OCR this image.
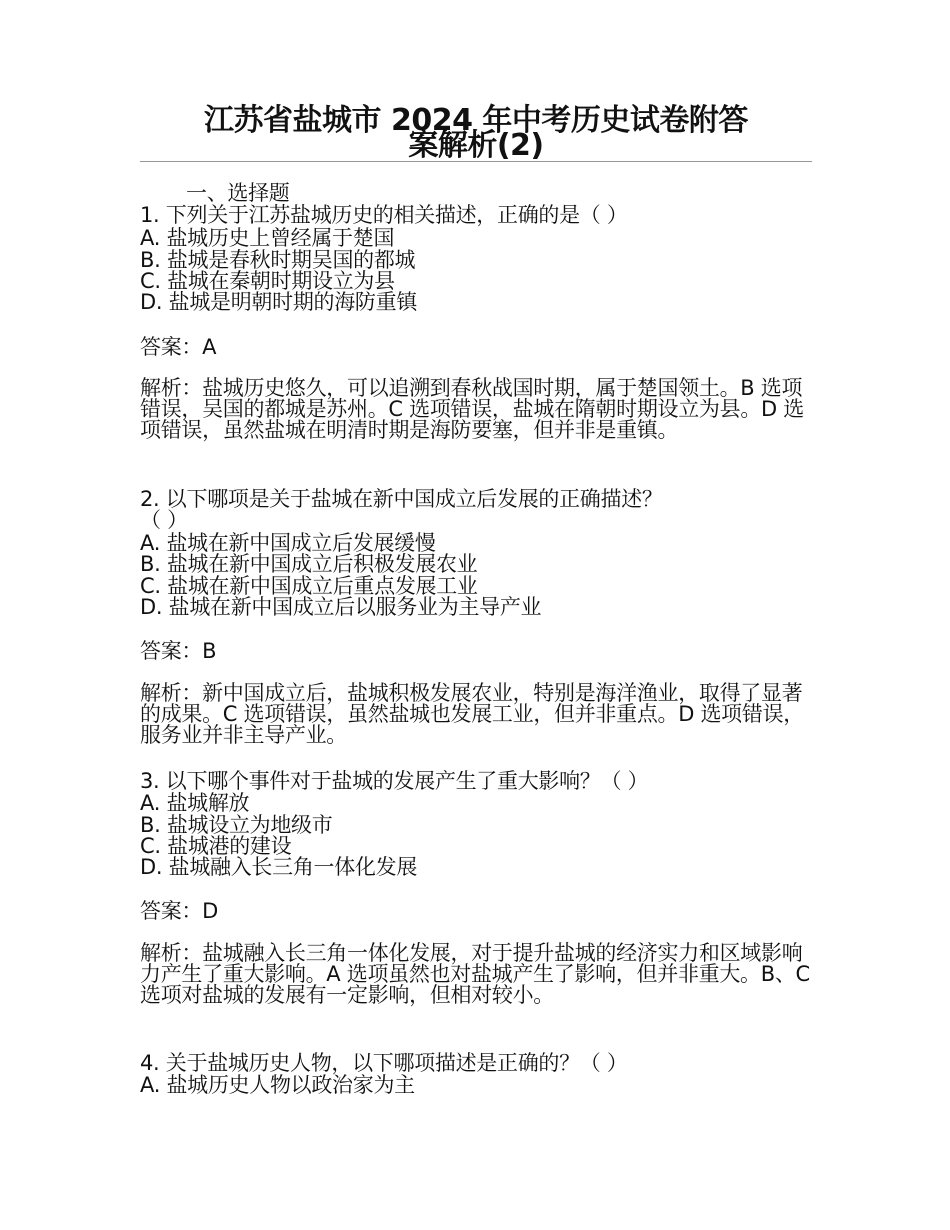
江苏省盐城市 2024 年中考历史试卷附答
案解析(2)
一、选择题
1. 下列关于江苏盐城历史的相关描述，正确的是（ ）
A. 盐城历史上曾经属于楚国
B. 盐城是春秋时期吴国的都城
C. 盐城在秦朝时期设立为县
D. 盐城是明朝时期的海防重镇
答案：A
解析：盐城历史悠久，可以追溯到春秋战国时期，属于楚国领土。B 选项错误，吴国的都城是苏州。C 选项错误，盐城在隋朝时期设立为县。D 选项错误，虽然盐城在明清时期是海防要塞，但并非是重镇。
2. 以下哪项是关于盐城在新中国成立后发展的正确描述？
（ ）
A. 盐城在新中国成立后发展缓慢
B. 盐城在新中国成立后积极发展农业
C. 盐城在新中国成立后重点发展工业
D. 盐城在新中国成立后以服务业为主导产业
答案：B
解析：新中国成立后，盐城积极发展农业，特别是海洋渔业，取得了显著的成果。C 选项错误，虽然盐城也发展工业，但并非重点。D 选项错误，服务业并非主导产业。
3. 以下哪个事件对于盐城的发展产生了重大影响？（ ）
A. 盐城解放
B. 盐城设立为地级市
C. 盐城港的建设
D. 盐城融入长三角一体化发展
答案：D
解析：盐城融入长三角一体化发展，对于提升盐城的经济实力和区域影响力产生了重大影响。A 选项虽然也对盐城产生了影响，但并非重大。B、C 选项对盐城的发展有一定影响，但相对较小。
4. 关于盐城历史人物，以下哪项描述是正确的？（ ）
A. 盐城历史人物以政治家为主
